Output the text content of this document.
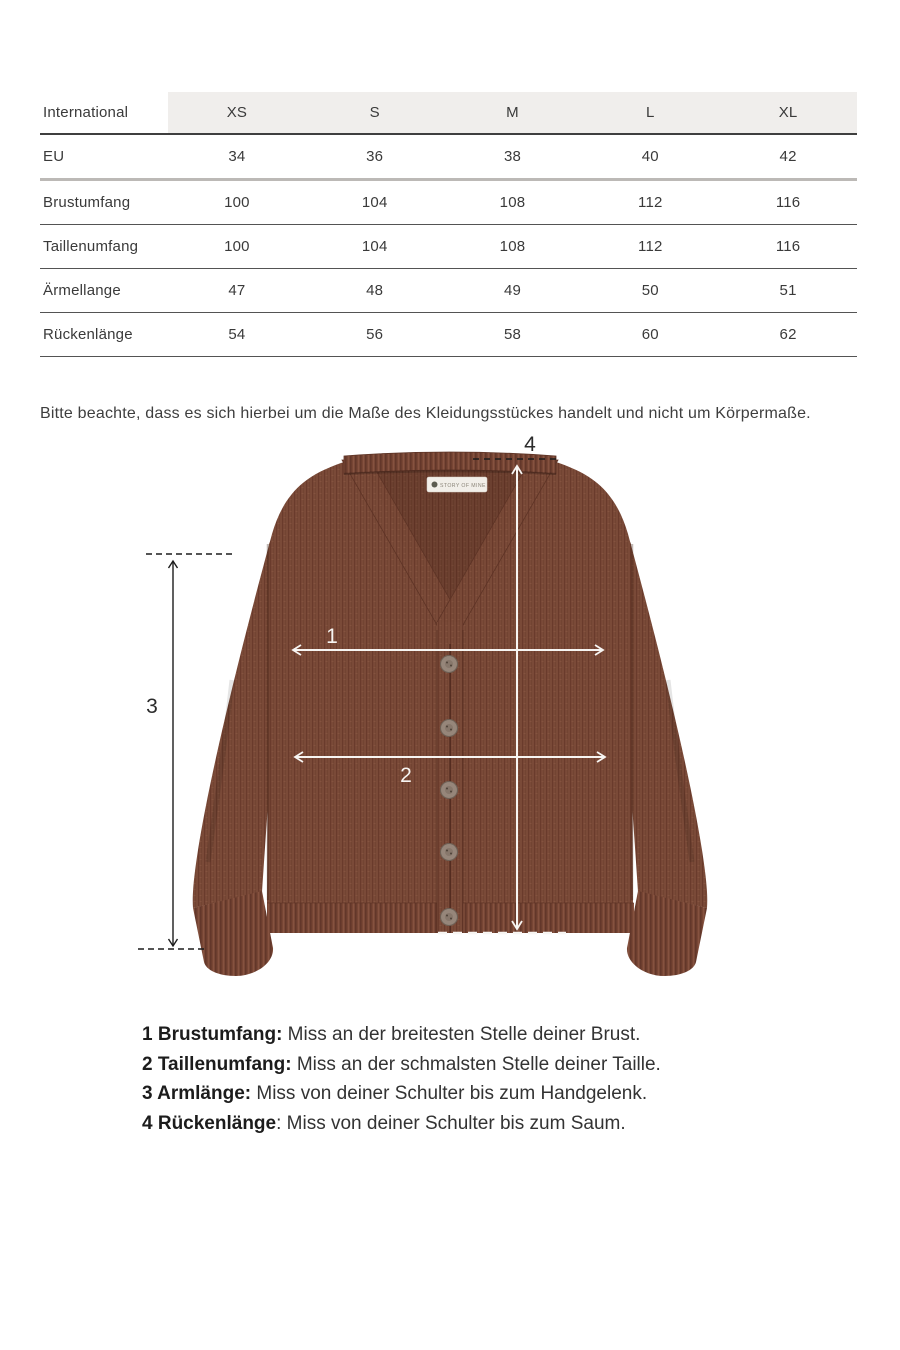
International	XS	S	M	L	XL
EU	34	36	38	40	42
Brustumfang	100	104	108	112	116
Taillenumfang	100	104	108	112	116
Ärmellange	47	48	49	50	51
Rückenlänge	54	56	58	60	62

Bitte beachte, dass es sich hierbei um die Maße des Kleidungsstückes handelt und nicht um Körpermaße.

STORY OF MINE
4
3
1
2
1 Brustumfang: Miss an der breitesten Stelle deiner Brust.
2 Taillenumfang: Miss an der schmalsten Stelle deiner Taille.
3 Armlänge: Miss von deiner Schulter bis zum Handgelenk.
4 Rückenlänge: Miss von deiner Schulter bis zum Saum.
